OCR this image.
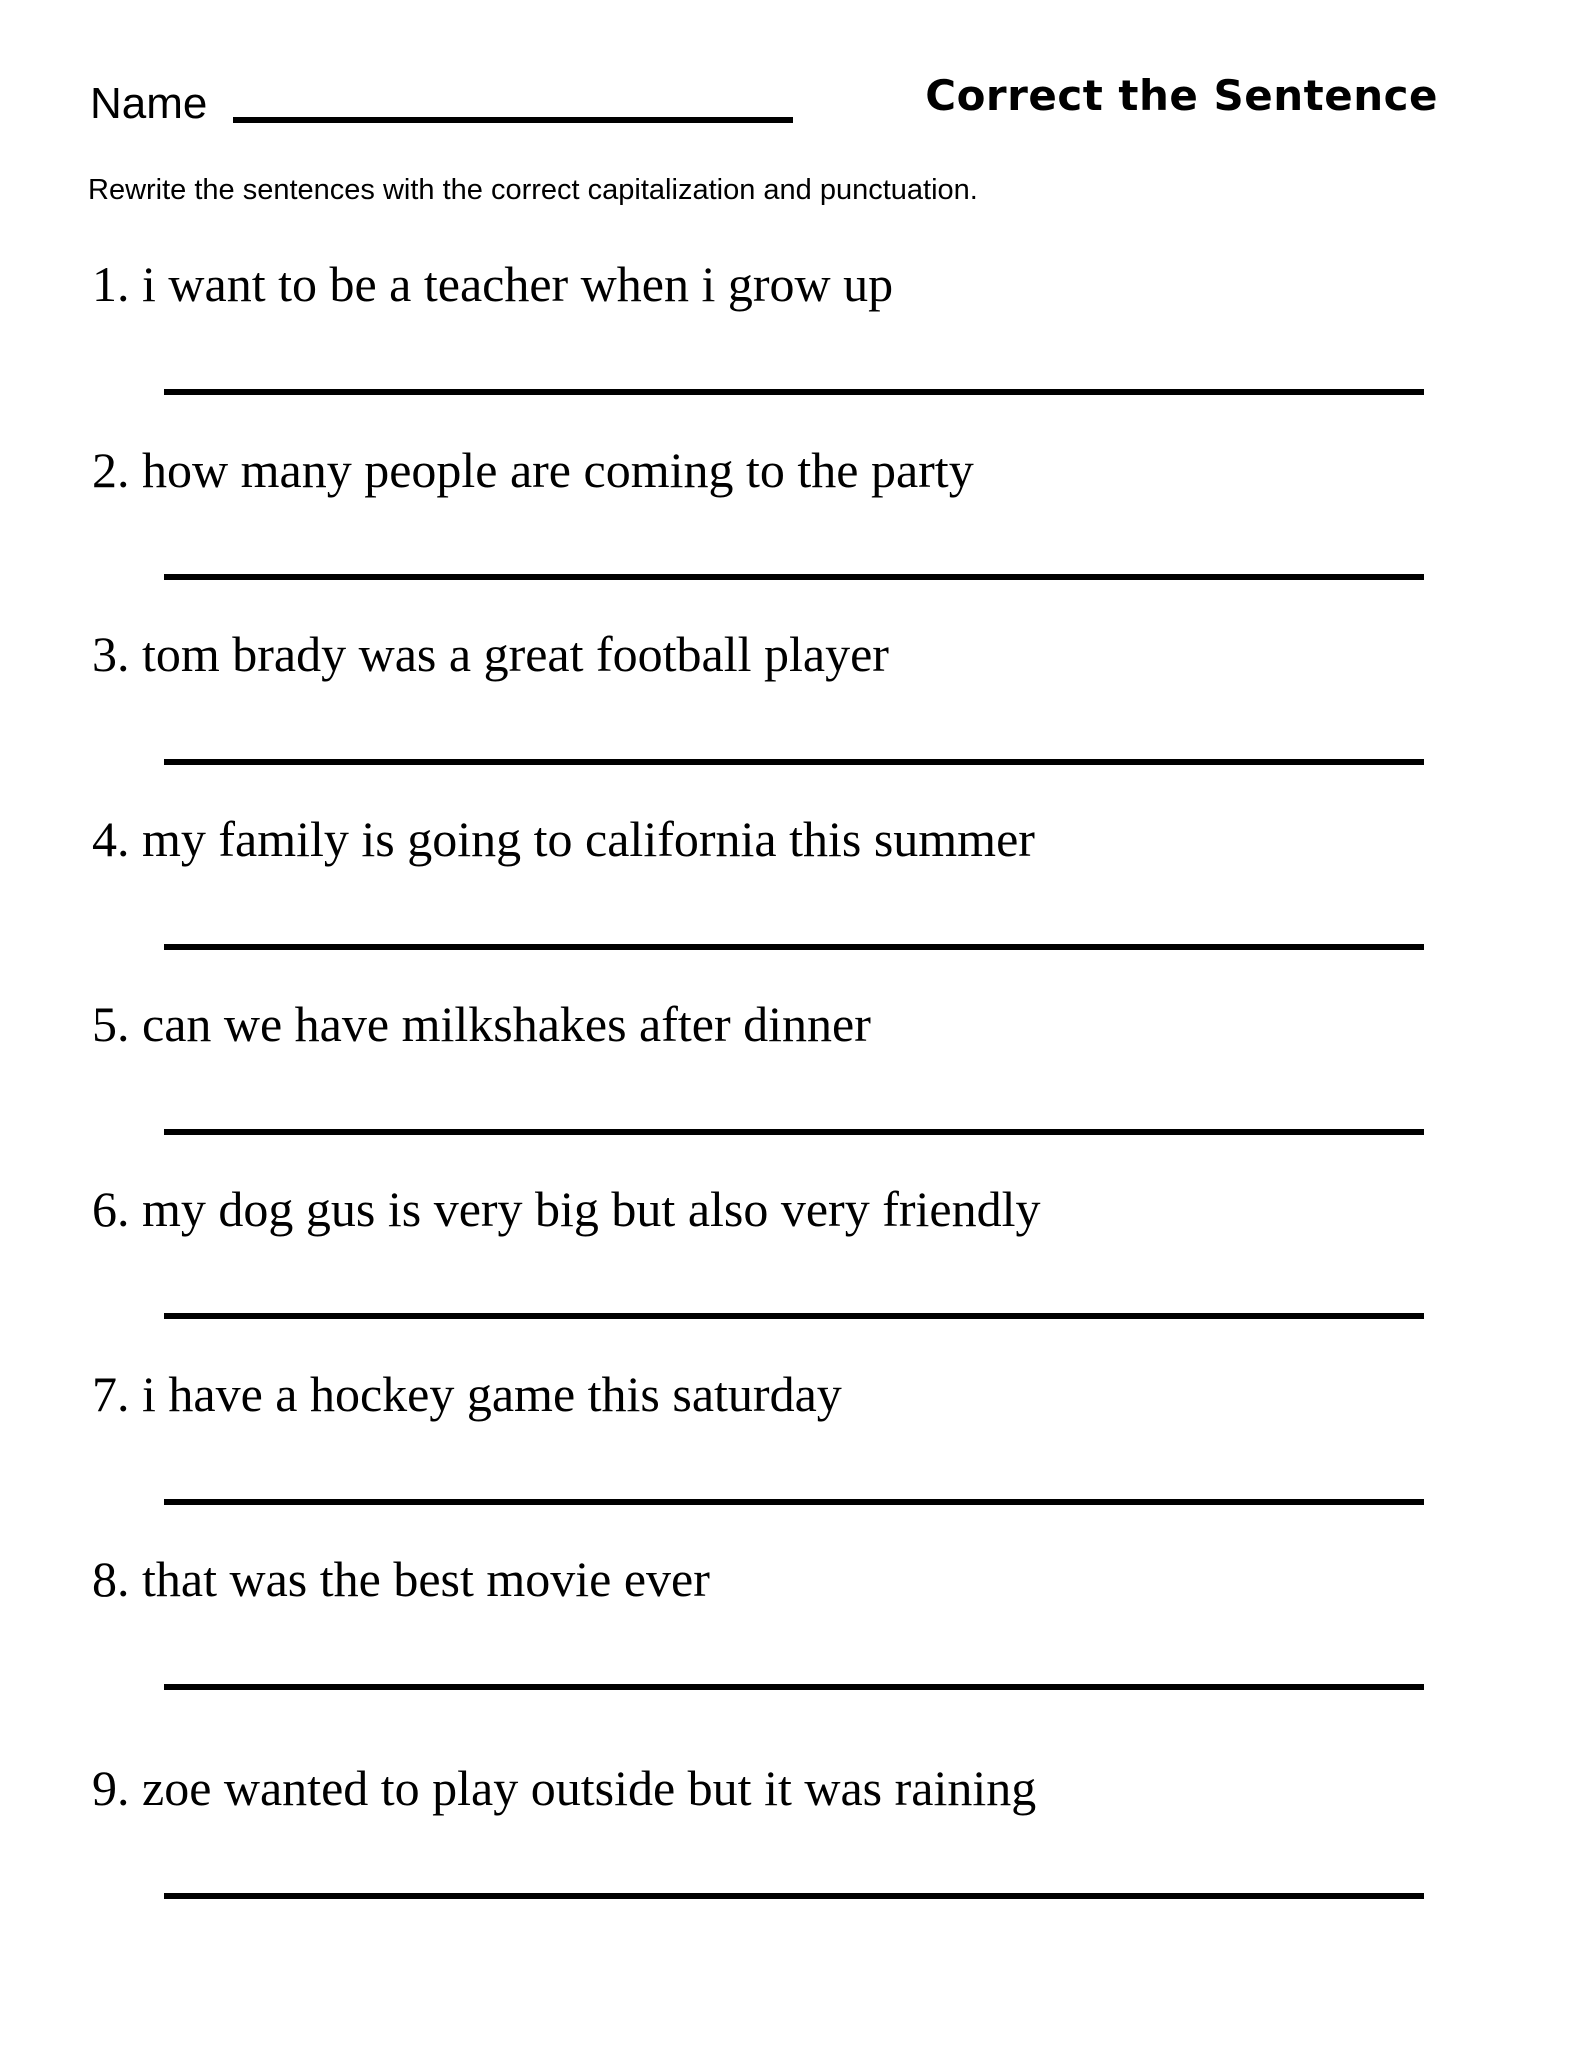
Name	Correct the Sentence
Rewrite the sentences with the correct capitalization and punctuation.
1. i want to be a teacher when i grow up
2. how many people are coming to the party
3. tom brady was a great football player
4. my family is going to california this summer
5. can we have milkshakes after dinner
6. my dog gus is very big but also very friendly
7. i have a hockey game this saturday
8. that was the best movie ever
9. zoe wanted to play outside but it was raining
